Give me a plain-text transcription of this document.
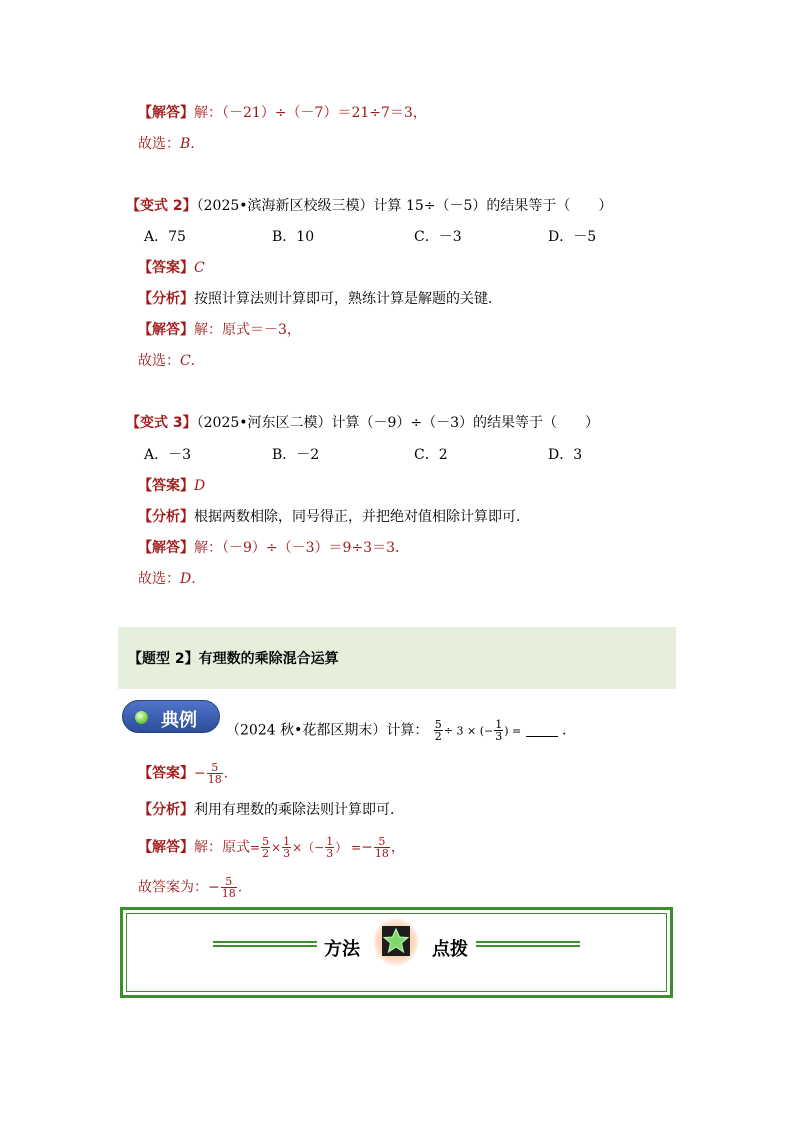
【解答】解：（－21）÷（－7）＝21÷7＝3，
故选：B.
【变式 2】（2025•滨海新区校级三模）计算 15÷（－5）的结果等于（　　）
A．75	B．10	C．－3	D．－5
【答案】C
【分析】按照计算法则计算即可，熟练计算是解题的关键．
【解答】解：原式＝－3，
故选：C.
【变式 3】（2025•河东区二模）计算（－9）÷（－3）的结果等于（　　）
A．－3	B．－2	C．2	D．3
【答案】D
【分析】根据两数相除，同号得正，并把绝对值相除计算即可．
【解答】解：（－9）÷（－3）＝9÷3＝3．
故选：D.
【题型 2】有理数的乘除混合运算
典例 （2024 秋•花都区期末）计算： $\frac{5}{2} \div 3$ × (− $\frac{1}{3}$ ) =	．
【答案】− $\frac{5}{18}$ .
【分析】利用有理数的乘除法则计算即可．
【解答】解：原式= $\frac{5}{2} \times \frac{1}{3}$ ×（− $\frac{1}{3}$ ） =− $\frac{5}{18}$ ，
故答案为：− $\frac{5}{18}$ .
方法	点拨
